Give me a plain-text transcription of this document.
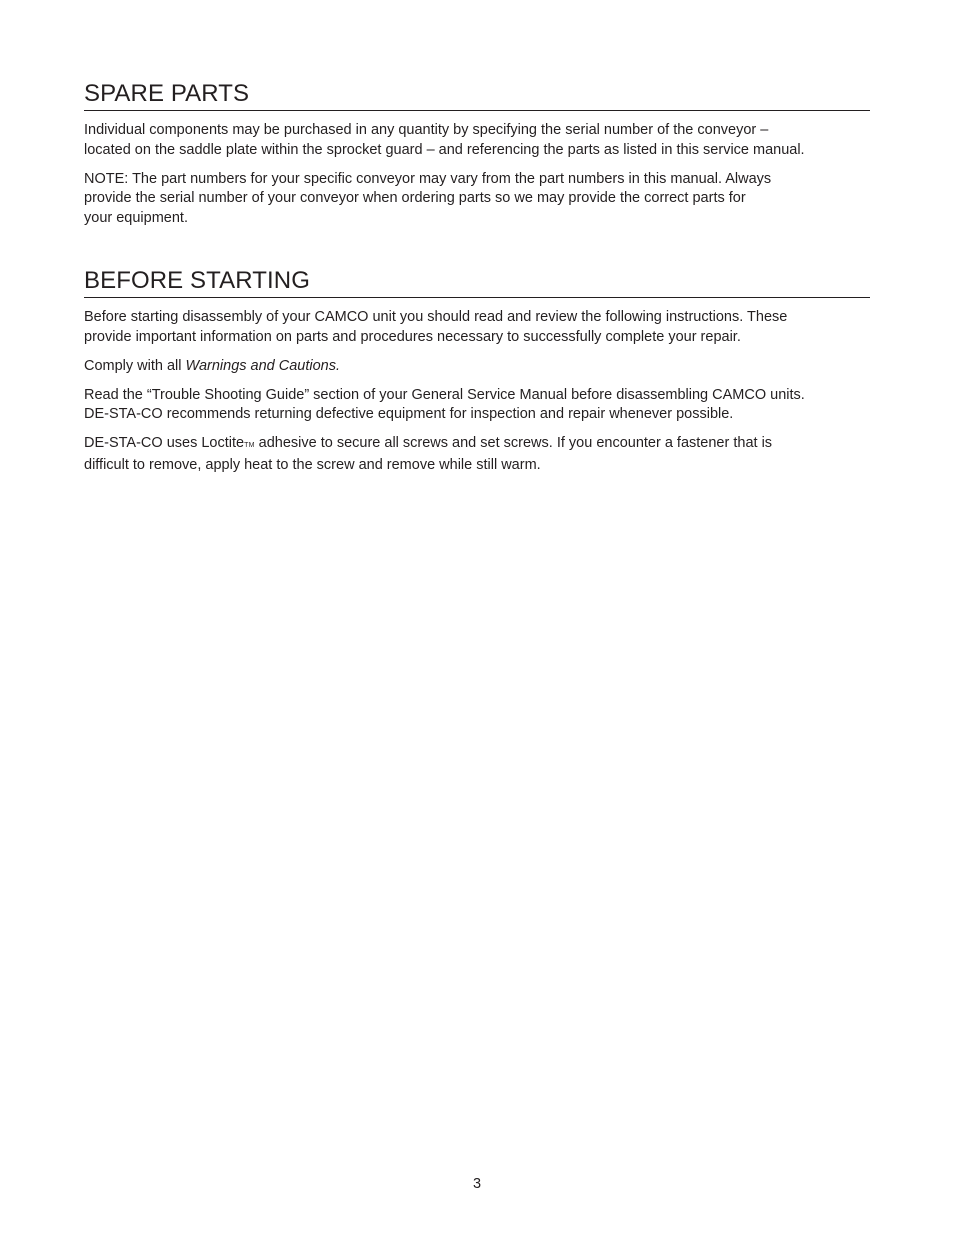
SPARE PARTS

Individual components may be purchased in any quantity by specifying the serial number of the conveyor –
located on the saddle plate within the sprocket guard – and referencing the parts as listed in this service manual.

NOTE: The part numbers for your specific conveyor may vary from the part numbers in this manual. Always
provide the serial number of your conveyor when ordering parts so we may provide the correct parts for
your equipment.

BEFORE STARTING

Before starting disassembly of your CAMCO unit you should read and review the following instructions. These
provide important information on parts and procedures necessary to successfully complete your repair.

Comply with all Warnings and Cautions.

Read the “Trouble Shooting Guide” section of your General Service Manual before disassembling CAMCO units.
DE-STA-CO recommends returning defective equipment for inspection and repair whenever possible.

DE-STA-CO uses LoctiteTM adhesive to secure all screws and set screws. If you encounter a fastener that is
difficult to remove, apply heat to the screw and remove while still warm.

3
